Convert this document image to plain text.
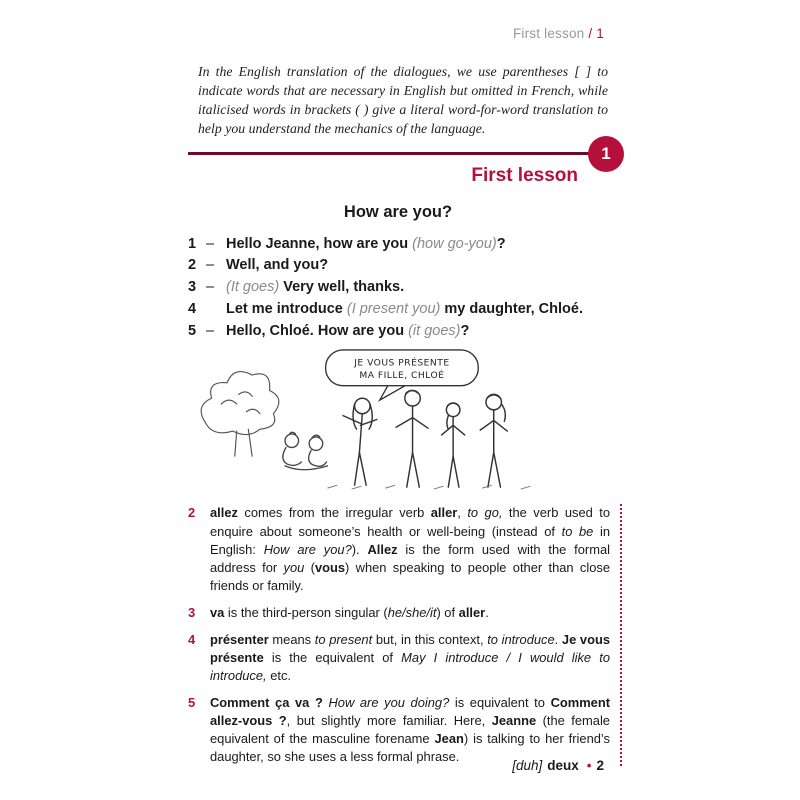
First lesson / 1

In the English translation of the dialogues, we use parentheses [ ] to indicate words that are necessary in English but omitted in French, while italicised words in brackets ( ) give a literal word-for-word translation to help you understand the mechanics of the language.

1
First lesson
How are you?
1 – Hello Jeanne, how are you (how go-you)?
2 – Well, and you?
3 – (It goes) Very well, thanks.
4	Let me introduce (I present you) my daughter, Chloé.
5 – Hello, Chloé. How are you (it goes)?
JE VOUS PRÉSENTE
MA FILLE, CHLOÉ
2	allez comes from the irregular verb aller, to go, the verb used to enquire about someone’s health or well-being (instead of to be in English: How are you?). Allez is the form used with the formal address for you (vous) when speaking to people other than close friends or family.
3	va is the third-person singular (he/she/it) of aller.
4	présenter means to present but, in this context, to introduce. Je vous présente is the equivalent of May I introduce / I would like to introduce, etc.
5	Comment ça va ? How are you doing? is equivalent to Comment allez-vous ?, but slightly more familiar. Here, Jeanne (the female equivalent of the masculine forename Jean) is talking to her friend’s daughter, so she uses a less formal phrase.
[duh] deux • 2
